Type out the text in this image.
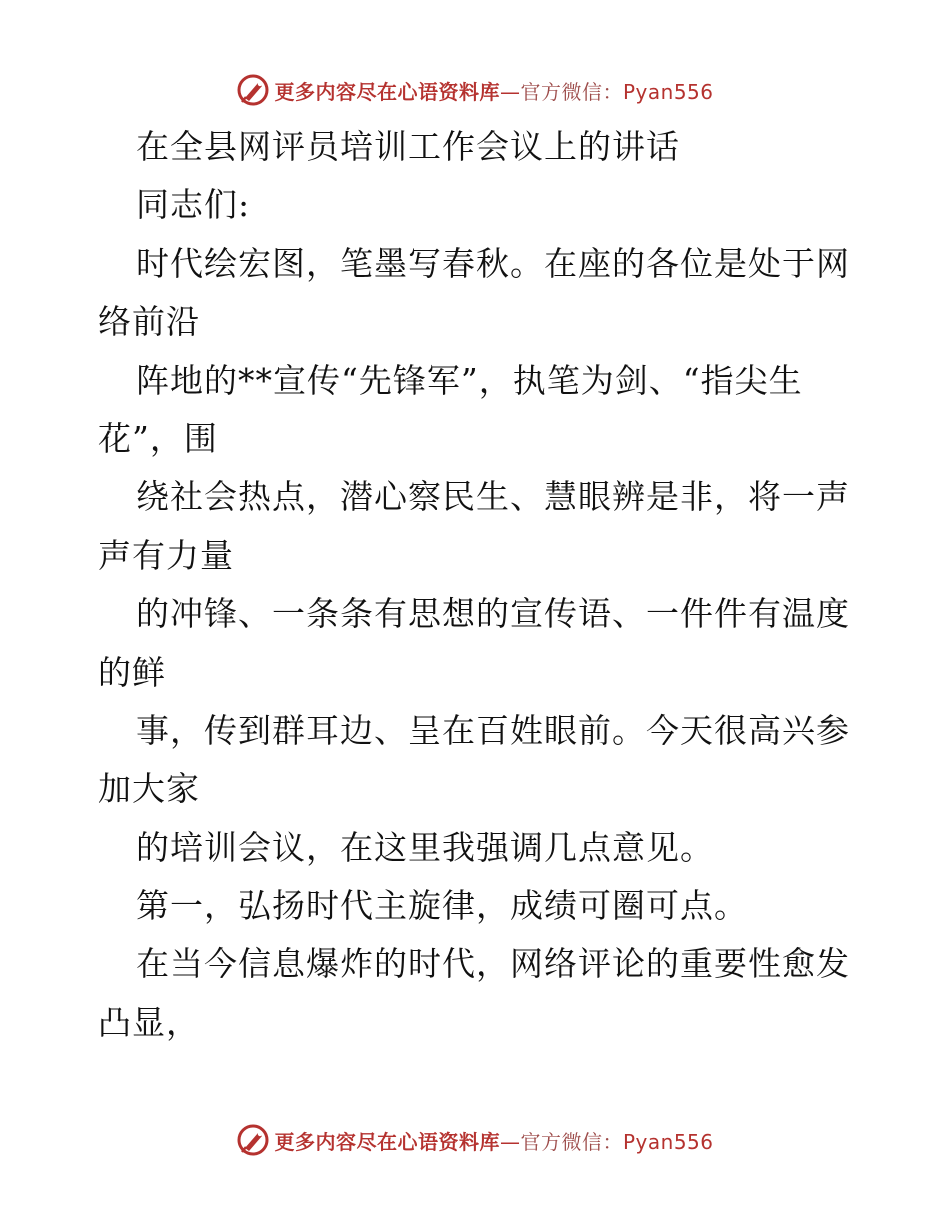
更多内容尽在心语资料库—官方微信：Pyan556
在全县网评员培训工作会议上的讲话
同志们:
时代绘宏图，笔墨写春秋。在座的各位是处于网
络前沿
阵地的**宣传“先锋军”，执笔为剑、“指尖生
花”，围
绕社会热点，潜心察民生、慧眼辨是非，将一声
声有力量
的冲锋、一条条有思想的宣传语、一件件有温度
的鲜
事，传到群耳边、呈在百姓眼前。今天很高兴参
加大家
的培训会议，在这里我强调几点意见。
第一，弘扬时代主旋律，成绩可圈可点。
在当今信息爆炸的时代，网络评论的重要性愈发
凸显，
更多内容尽在心语资料库—官方微信：Pyan556
